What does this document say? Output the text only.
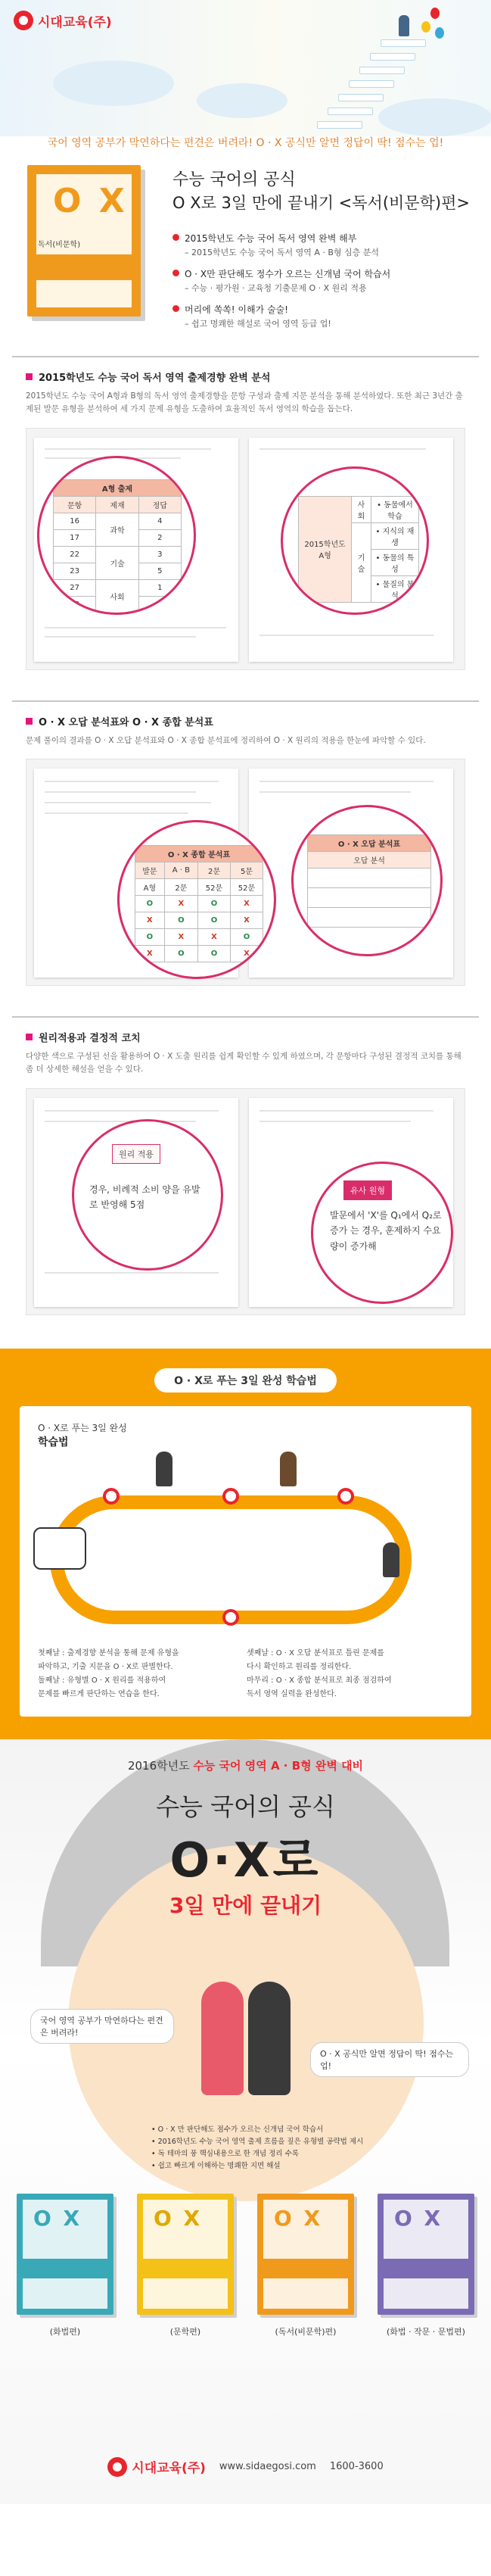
시대교육(주)
국어 영역 공부가 막연하다는 편견은 버려라! O · X 공식만 알면 정답이 딱! 점수는 업!
O X
독서(비문학)
수능 국어의 공식
O X로 3일 만에 끝내기 <독서(비문학)편>
2015학년도 수능 국어 독서 영역 완벽 해부
– 2015학년도 수능 국어 독서 영역 A · B형 심층 분석
O · X만 판단해도 정수가 오르는 신개념 국어 학습서
– 수능 · 평가원 · 교육청 기출문제 O · X 원리 적용
머리에 쏙쏙! 이해가 술술!
– 쉽고 명쾌한 해설로 국어 영역 등급 업!
2015학년도 수능 국어 독서 영역 출제경향 완벽 분석

2015학년도 수능 국어 A형과 B형의 독서 영역 출제경향을 문항 구성과 출제 지문 분석을 통해 분석하였다. 또한 최근 3년간 출제된 발문 유형을 분석하여 세 가지 문제 유형을 도출하여 효율적인 독서 영역의 학습을 돕는다.

A형 출제		
문항	제재	정답
16	과학	4
17		2
22	기술	3
23		5
27	사회	1
28		2
2015학년도 A형	사회	• 동물에서 학습
	기술	• 지식의 재생
		• 동물의 특성
		• 물질의 분석
O · X 오답 분석표와 O · X 종합 분석표

문제 풀이의 결과를 O · X 오답 분석표와 O · X 종합 분석표에 정리하여 O · X 원리의 적용을 한눈에 파악할 수 있다.

O · X 종합 분석표			
발문	A · B	2문	5문
A형	2문	52문	52문
O	X	O	X
X	O	O	X
O	X	X	O
X	O	O	X
O · X 오답 분석표
오답 분석

원리적용과 결정적 코치

다양한 색으로 구성된 선을 활용하여 O · X 도출 원리를 쉽게 확인할 수 있게 하였으며, 각 문항마다 구성된 결정적 코치를 통해 좀 더 상세한 해설을 얻을 수 있다.

원리 적용
경우, 비례적 소비 양을 유발로 반영해 5점
유사 원형
발문에서 'X'를 Q₁에서 Q₂로 증가 는 경우, 훈제하지 수요량이 증가해
O · X로 푸는 3일 완성 학습법
O · X로 푸는 3일 완성
학습법
첫째날 : 출제경향 분석을 통해 문제 유형을
파악하고, 기출 지문을 O · X로 판별한다.
둘째날 : 유형별 O · X 원리를 적용하여
문제를 빠르게 판단하는 연습을 한다.
셋째날 : O · X 오답 분석표로 틀린 문제를
다시 확인하고 원리를 정리한다.
마무리 : O · X 종합 분석표로 최종 점검하여
독서 영역 실력을 완성한다.
2016학년도 수능 국어 영역 A · B형 완벽 대비
수능 국어의 공식
O·X로
3일 만에 끝내기
국어 영역 공부가 막연하다는 편견은 버려라!
O · X 공식만 알면 정답이 딱! 점수는 업!
• O · X 만 판단해도 점수가 오르는 신개념 국어 학습서
• 2016학년도 수능 국어 영역 출제 흐름을 짚은 유형별 공략법 제시
• 독 테마의 풍 핵심내용으로 한 개념 정리 수록
• 쉽고 빠르게 이해하는 명쾌한 지면 해설
O X
(화법편)
O X
(문학편)
O X
(독서(비문학)편)
O X
(화법 · 작문 · 문법편)
시대교육(주) www.sidaegosi.com 1600-3600
